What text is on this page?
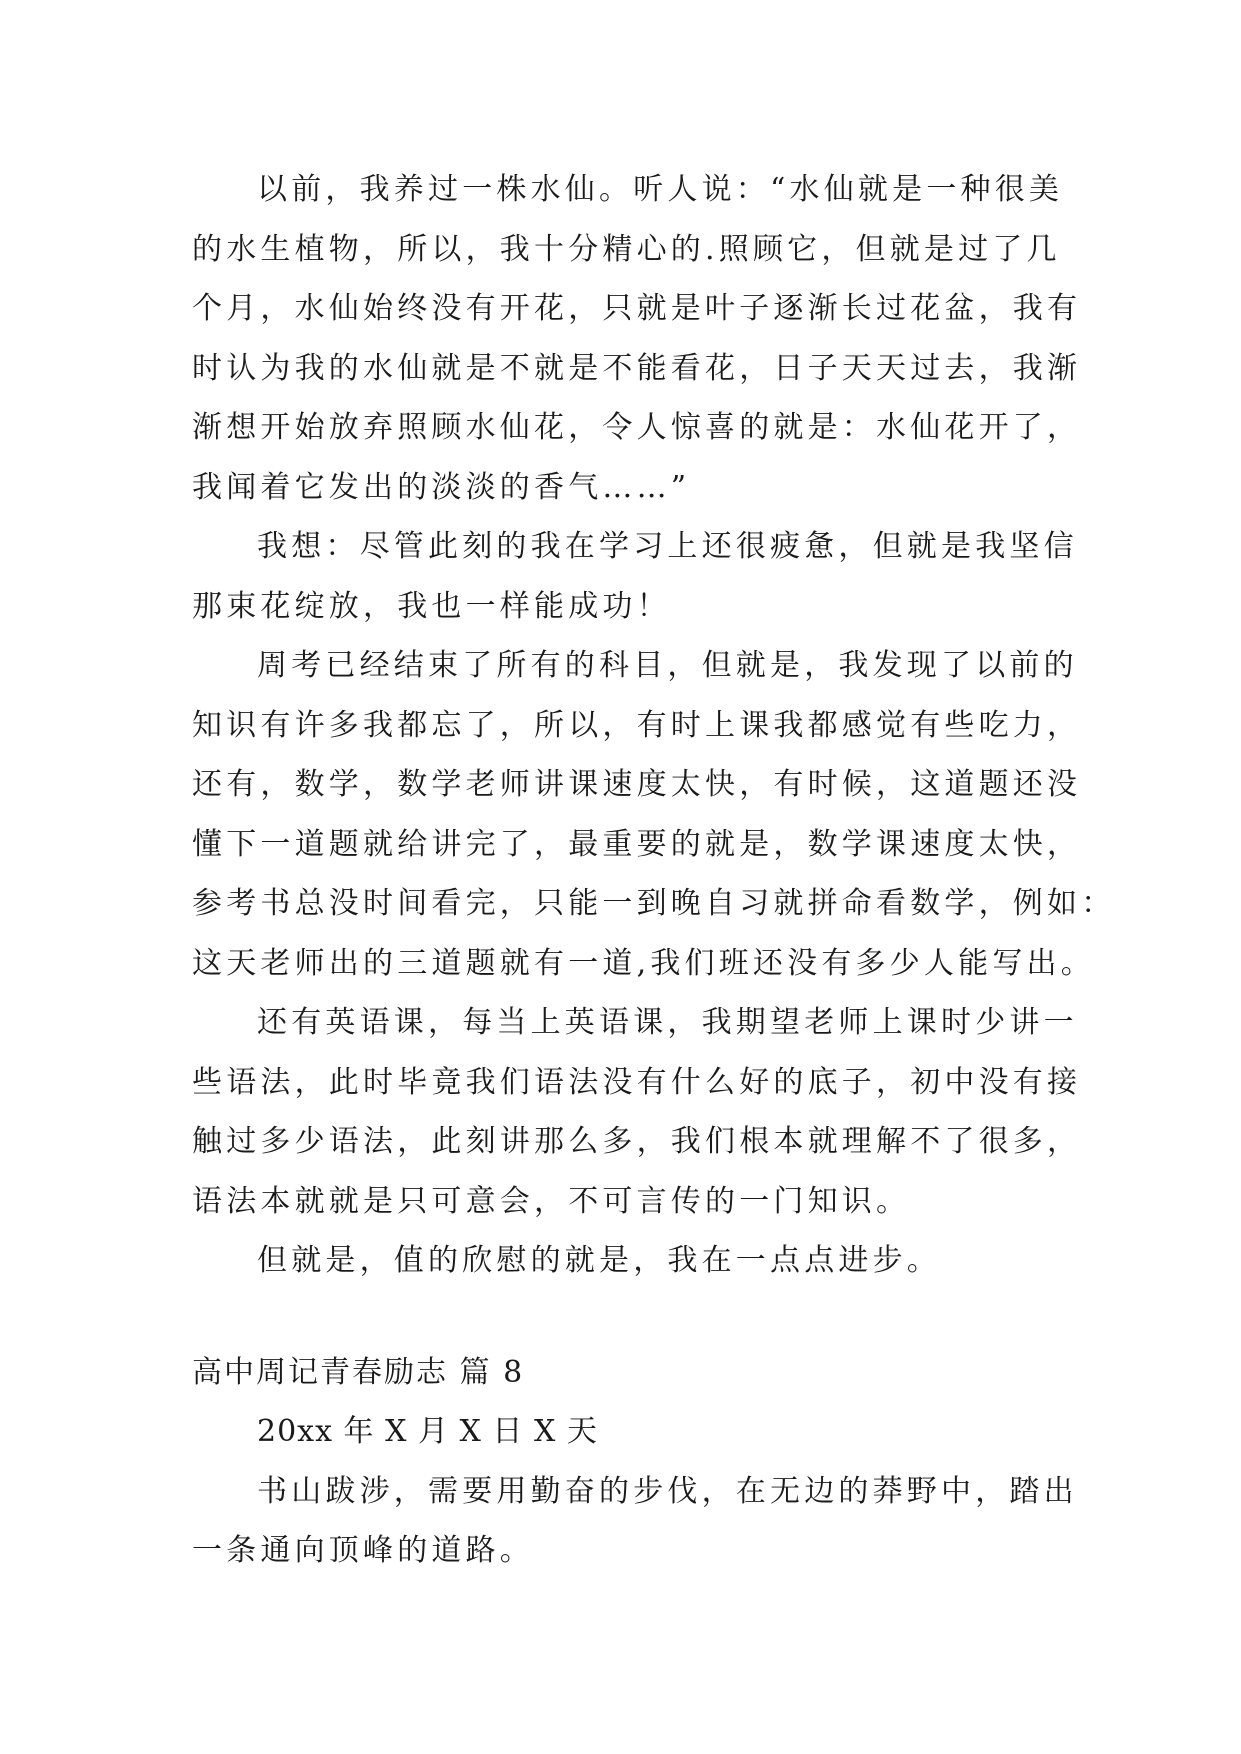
以前，我养过一株水仙。听人说：“水仙就是一种很美
的水生植物，所以，我十分精心的.照顾它，但就是过了几
个月，水仙始终没有开花，只就是叶子逐渐长过花盆，我有
时认为我的水仙就是不就是不能看花，日子天天过去，我渐
渐想开始放弃照顾水仙花，令人惊喜的就是：水仙花开了，
我闻着它发出的淡淡的香气……”
我想：尽管此刻的我在学习上还很疲惫，但就是我坚信
那束花绽放，我也一样能成功！
周考已经结束了所有的科目，但就是，我发现了以前的
知识有许多我都忘了，所以，有时上课我都感觉有些吃力，
还有，数学，数学老师讲课速度太快，有时候，这道题还没
懂下一道题就给讲完了，最重要的就是，数学课速度太快，
参考书总没时间看完，只能一到晚自习就拼命看数学，例如：
这天老师出的三道题就有一道,我们班还没有多少人能写出。
还有英语课，每当上英语课，我期望老师上课时少讲一
些语法，此时毕竟我们语法没有什么好的底子，初中没有接
触过多少语法，此刻讲那么多，我们根本就理解不了很多，
语法本就就是只可意会，不可言传的一门知识。
但就是，值的欣慰的就是，我在一点点进步。
高中周记青春励志 篇 8
20xx 年 X 月 X 日 X 天
书山跋涉，需要用勤奋的步伐，在无边的莽野中，踏出
一条通向顶峰的道路。
